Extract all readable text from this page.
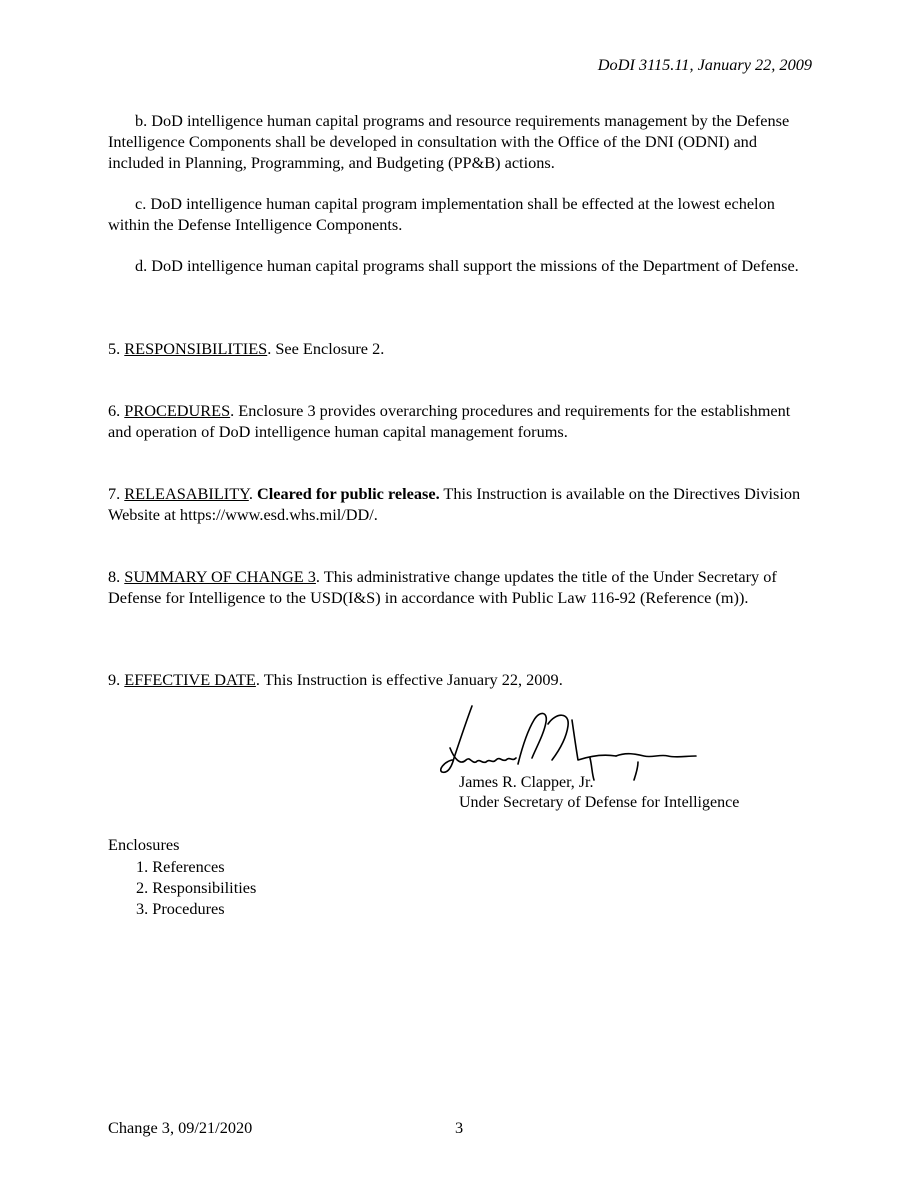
DoDI 3115.11, January 22, 2009

b. DoD intelligence human capital programs and resource requirements management by the Defense Intelligence Components shall be developed in consultation with the Office of the DNI (ODNI) and included in Planning, Programming, and Budgeting (PP&B) actions.

c. DoD intelligence human capital program implementation shall be effected at the lowest echelon within the Defense Intelligence Components.

d. DoD intelligence human capital programs shall support the missions of the Department of Defense.

5. RESPONSIBILITIES. See Enclosure 2.

6. PROCEDURES. Enclosure 3 provides overarching procedures and requirements for the establishment and operation of DoD intelligence human capital management forums.

7. RELEASABILITY. Cleared for public release. This Instruction is available on the Directives Division Website at https://www.esd.whs.mil/DD/.

8. SUMMARY OF CHANGE 3. This administrative change updates the title of the Under Secretary of Defense for Intelligence to the USD(I&S) in accordance with Public Law 116-92 (Reference (m)).

9. EFFECTIVE DATE. This Instruction is effective January 22, 2009.

James R. Clapper, Jr.
Under Secretary of Defense for Intelligence
Enclosures
1. References
2. Responsibilities
3. Procedures
Change 3, 09/21/2020	3
